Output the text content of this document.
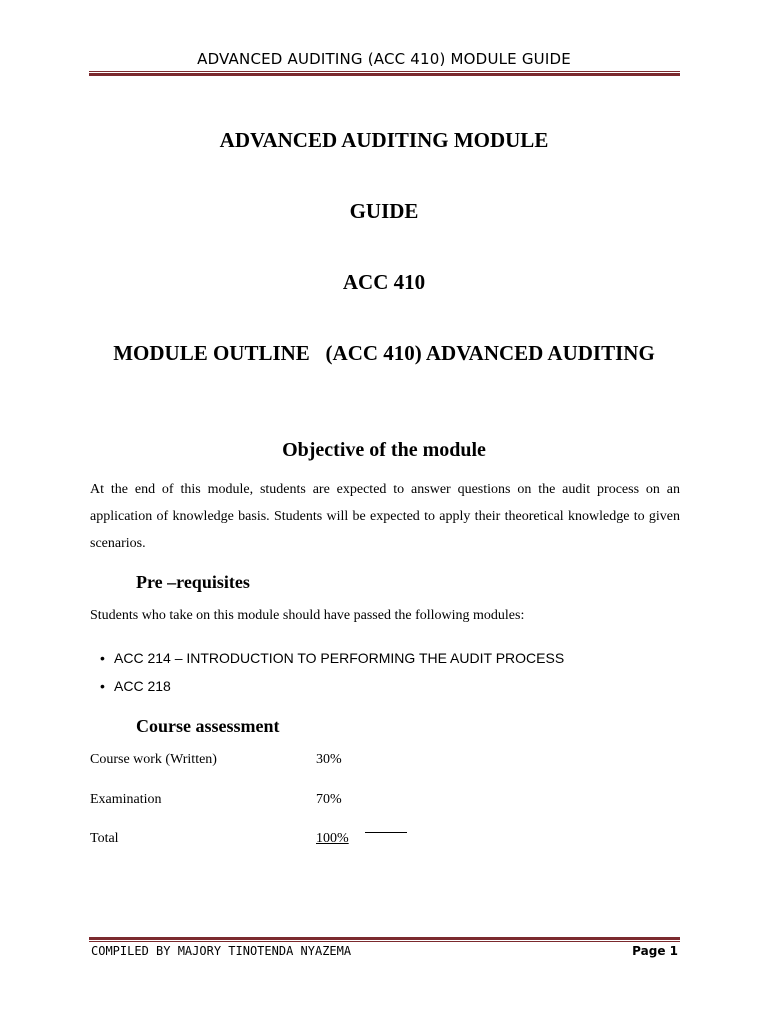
ADVANCED AUDITING (ACC 410) MODULE GUIDE
ADVANCED AUDITING MODULE
GUIDE
ACC 410
MODULE OUTLINE   (ACC 410) ADVANCED AUDITING
Objective of the module
At the end of this module, students are expected to answer questions on the audit process on an application of knowledge basis. Students will be expected to apply their theoretical knowledge to given scenarios.
Pre –requisites
Students who take on this module should have passed the following modules:
• ACC 214 – INTRODUCTION TO PERFORMING THE AUDIT PROCESS
• ACC 218
Course assessment
Course work (Written)	30%
Examination	70%
Total	100%
COMPILED BY MAJORY TINOTENDA NYAZEMA	Page 1
